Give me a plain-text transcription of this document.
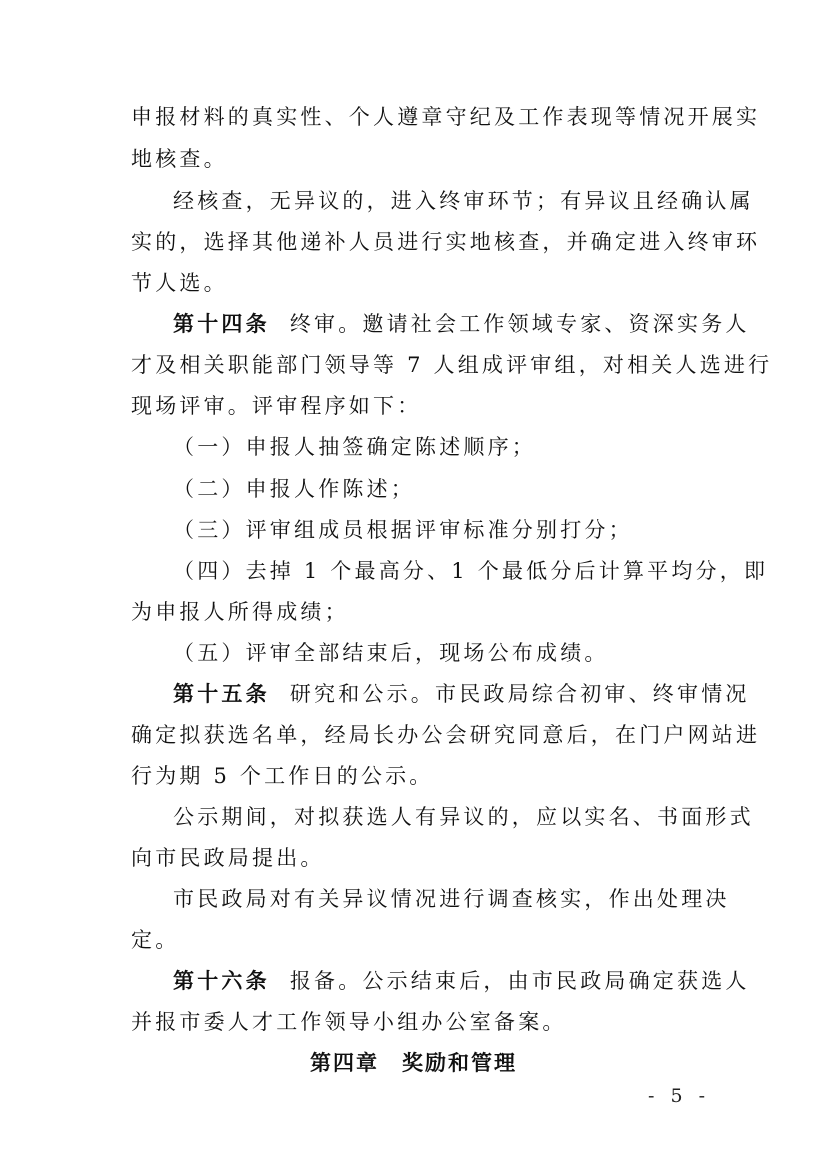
申报材料的真实性、个人遵章守纪及工作表现等情况开展实
地核查。
经核查，无异议的，进入终审环节；有异议且经确认属
实的，选择其他递补人员进行实地核查，并确定进入终审环
节人选。
第十四条 终审。邀请社会工作领域专家、资深实务人
才及相关职能部门领导等 7 人组成评审组，对相关人选进行
现场评审。评审程序如下：
（一）申报人抽签确定陈述顺序；
（二）申报人作陈述；
（三）评审组成员根据评审标准分别打分；
（四）去掉 1 个最高分、1 个最低分后计算平均分，即
为申报人所得成绩；
（五）评审全部结束后，现场公布成绩。
第十五条 研究和公示。市民政局综合初审、终审情况
确定拟获选名单，经局长办公会研究同意后，在门户网站进
行为期 5 个工作日的公示。
公示期间，对拟获选人有异议的，应以实名、书面形式
向市民政局提出。
市民政局对有关异议情况进行调查核实，作出处理决
定。
第十六条 报备。公示结束后，由市民政局确定获选人
并报市委人才工作领导小组办公室备案。
第四章　奖励和管理
- 5 -
